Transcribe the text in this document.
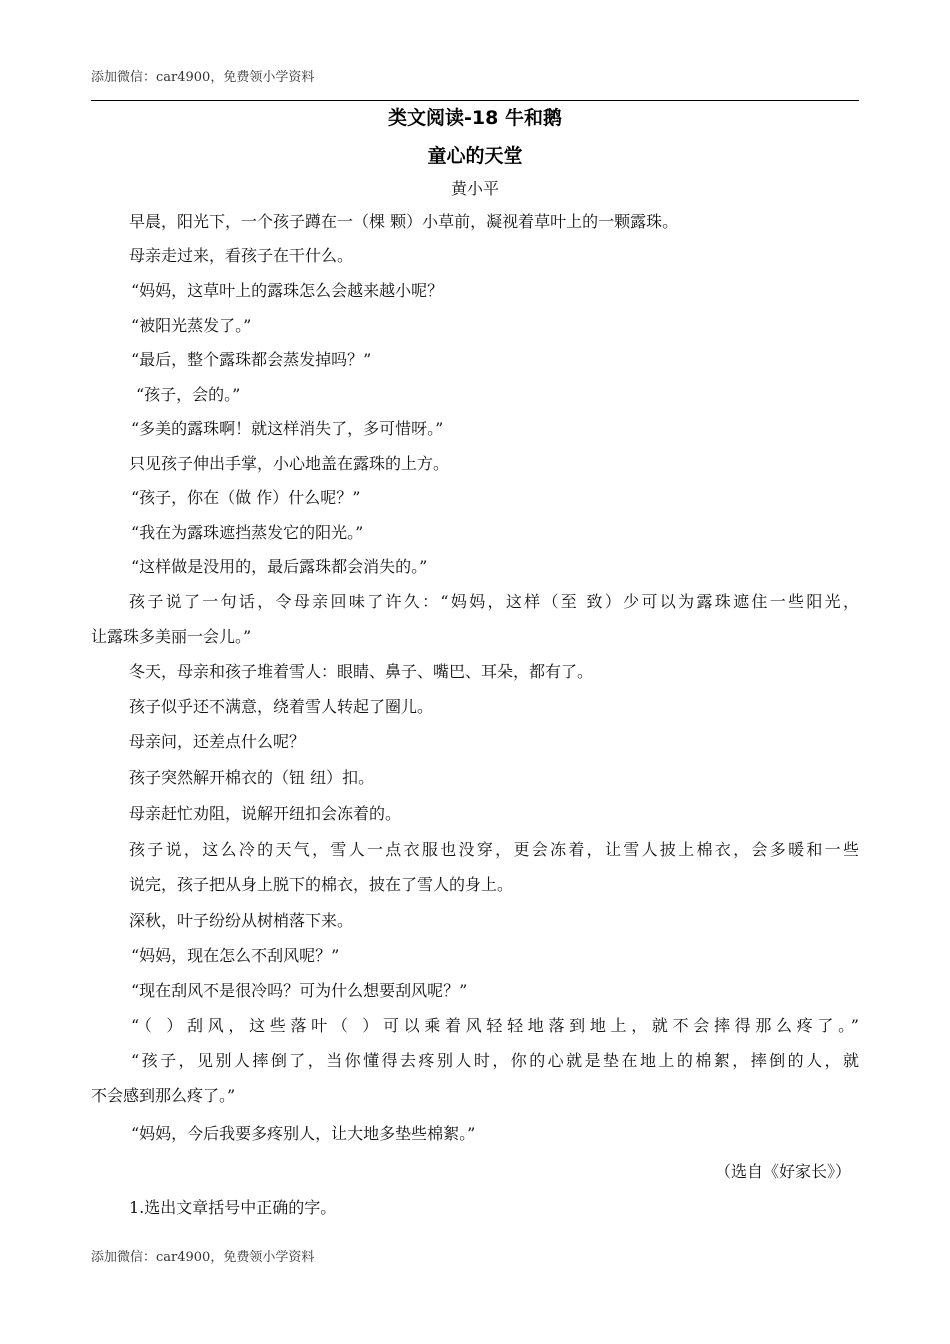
添加微信：car4900，免费领小学资料
类文阅读-18 牛和鹅
童心的天堂
黄小平
早晨，阳光下，一个孩子蹲在一（棵 颗）小草前，凝视着草叶上的一颗露珠。
母亲走过来，看孩子在干什么。
“妈妈，这草叶上的露珠怎么会越来越小呢？
“被阳光蒸发了。”
“最后，整个露珠都会蒸发掉吗？”
“孩子，会的。”
“多美的露珠啊！就这样消失了，多可惜呀。”
只见孩子伸出手掌，小心地盖在露珠的上方。
“孩子，你在（做 作）什么呢？”
“我在为露珠遮挡蒸发它的阳光。”
“这样做是没用的，最后露珠都会消失的。”
孩子说了一句话，令母亲回味了许久：“妈妈，这样（至 致）少可以为露珠遮住一些阳光，
让露珠多美丽一会儿。”
冬天，母亲和孩子堆着雪人：眼睛、鼻子、嘴巴、耳朵，都有了。
孩子似乎还不满意，绕着雪人转起了圈儿。
母亲问，还差点什么呢？
孩子突然解开棉衣的（钮 纽）扣。
母亲赶忙劝阻，说解开纽扣会冻着的。
孩子说，这么冷的天气，雪人一点衣服也没穿，更会冻着，让雪人披上棉衣，会多暖和一些
说完，孩子把从身上脱下的棉衣，披在了雪人的身上。
深秋，叶子纷纷从树梢落下来。
“妈妈，现在怎么不刮风呢？”
“现在刮风不是很冷吗？可为什么想要刮风呢？”
“（ ）刮风，这些落叶（ ）可以乘着风轻轻地落到地上，就不会摔得那么疼了。”
“孩子，见别人摔倒了，当你懂得去疼别人时，你的心就是垫在地上的棉絮，摔倒的人，就
不会感到那么疼了。”
“妈妈，今后我要多疼别人，让大地多垫些棉絮。”
（选自《好家长》）
1.选出文章括号中正确的字。
添加微信：car4900，免费领小学资料
